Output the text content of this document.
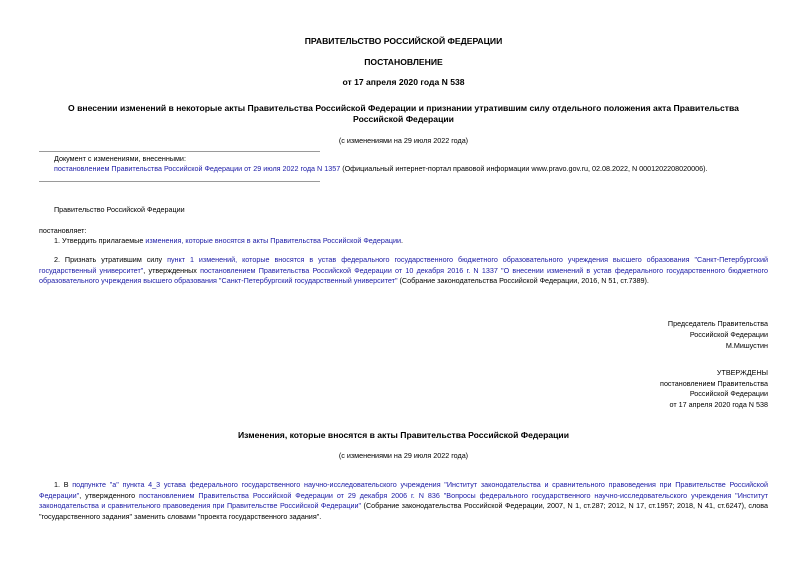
ПРАВИТЕЛЬСТВО РОССИЙСКОЙ ФЕДЕРАЦИИ
ПОСТАНОВЛЕНИЕ
от 17 апреля 2020 года N 538
О внесении изменений в некоторые акты Правительства Российской Федерации и признании утратившим силу отдельного положения акта Правительства
Российской Федерации
(с изменениями на 29 июля 2022 года)
Документ с изменениями, внесенными:
постановлением Правительства Российской Федерации от 29 июля 2022 года N 1357 (Официальный интернет-портал правовой информации www.pravo.gov.ru, 02.08.2022, N 0001202208020006).
Правительство Российской Федерации
постановляет:
1. Утвердить прилагаемые изменения, которые вносятся в акты Правительства Российской Федерации.
2. Признать утратившим силу пункт 1 изменений, которые вносятся в устав федерального государственного бюджетного образовательного учреждения высшего образования "Санкт-Петербургский государственный университет", утвержденных постановлением Правительства Российской Федерации от 10 декабря 2016 г. N 1337 "О внесении изменений в устав федерального государственного бюджетного образовательного учреждения высшего образования "Санкт-Петербургский государственный университет" (Собрание законодательства Российской Федерации, 2016, N 51, ст.7389).
Председатель Правительства
Российской Федерации
М.Мишустин
УТВЕРЖДЕНЫ
постановлением Правительства
Российской Федерации
от 17 апреля 2020 года N 538
Изменения, которые вносятся в акты Правительства Российской Федерации
(с изменениями на 29 июля 2022 года)
1. В подпункте "а" пункта 4_3 устава федерального государственного научно-исследовательского учреждения "Институт законодательства и сравнительного правоведения при Правительстве Российской Федерации", утвержденного постановлением Правительства Российской Федерации от 29 декабря 2006 г. N 836 "Вопросы федерального государственного научно-исследовательского учреждения "Институт законодательства и сравнительного правоведения при Правительстве Российской Федерации" (Собрание законодательства Российской Федерации, 2007, N 1, ст.287; 2012, N 17, ст.1957; 2018, N 41, ст.6247), слова "государственного задания" заменить словами "проекта государственного задания".
